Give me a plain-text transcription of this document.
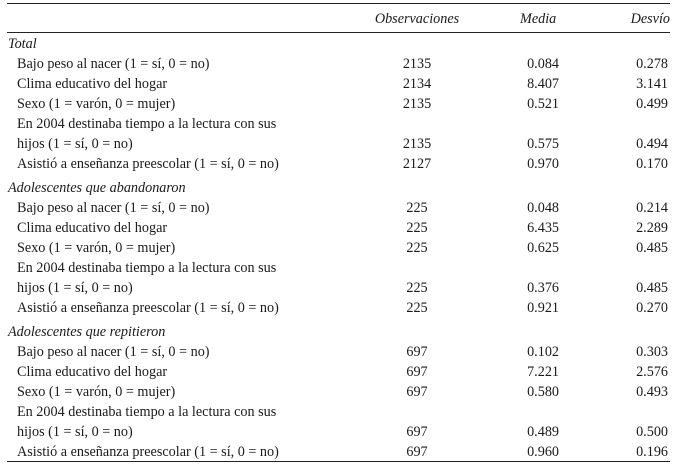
Observaciones	Media	Desvío
Total
Bajo peso al nacer (1 = sí, 0 = no)	2135	0.084	0.278
Clima educativo del hogar	2134	8.407	3.141
Sexo (1 = varón, 0 = mujer)	2135	0.521	0.499
En 2004 destinaba tiempo a la lectura con sus
hijos (1 = sí, 0 = no)	2135	0.575	0.494
Asistió a enseñanza preescolar (1 = sí, 0 = no)	2127	0.970	0.170
Adolescentes que abandonaron
Bajo peso al nacer (1 = sí, 0 = no)	225	0.048	0.214
Clima educativo del hogar	225	6.435	2.289
Sexo (1 = varón, 0 = mujer)	225	0.625	0.485
En 2004 destinaba tiempo a la lectura con sus
hijos (1 = sí, 0 = no)	225	0.376	0.485
Asistió a enseñanza preescolar (1 = sí, 0 = no)	225	0.921	0.270
Adolescentes que repitieron
Bajo peso al nacer (1 = sí, 0 = no)	697	0.102	0.303
Clima educativo del hogar	697	7.221	2.576
Sexo (1 = varón, 0 = mujer)	697	0.580	0.493
En 2004 destinaba tiempo a la lectura con sus
hijos (1 = sí, 0 = no)	697	0.489	0.500
Asistió a enseñanza preescolar (1 = sí, 0 = no)	697	0.960	0.196
